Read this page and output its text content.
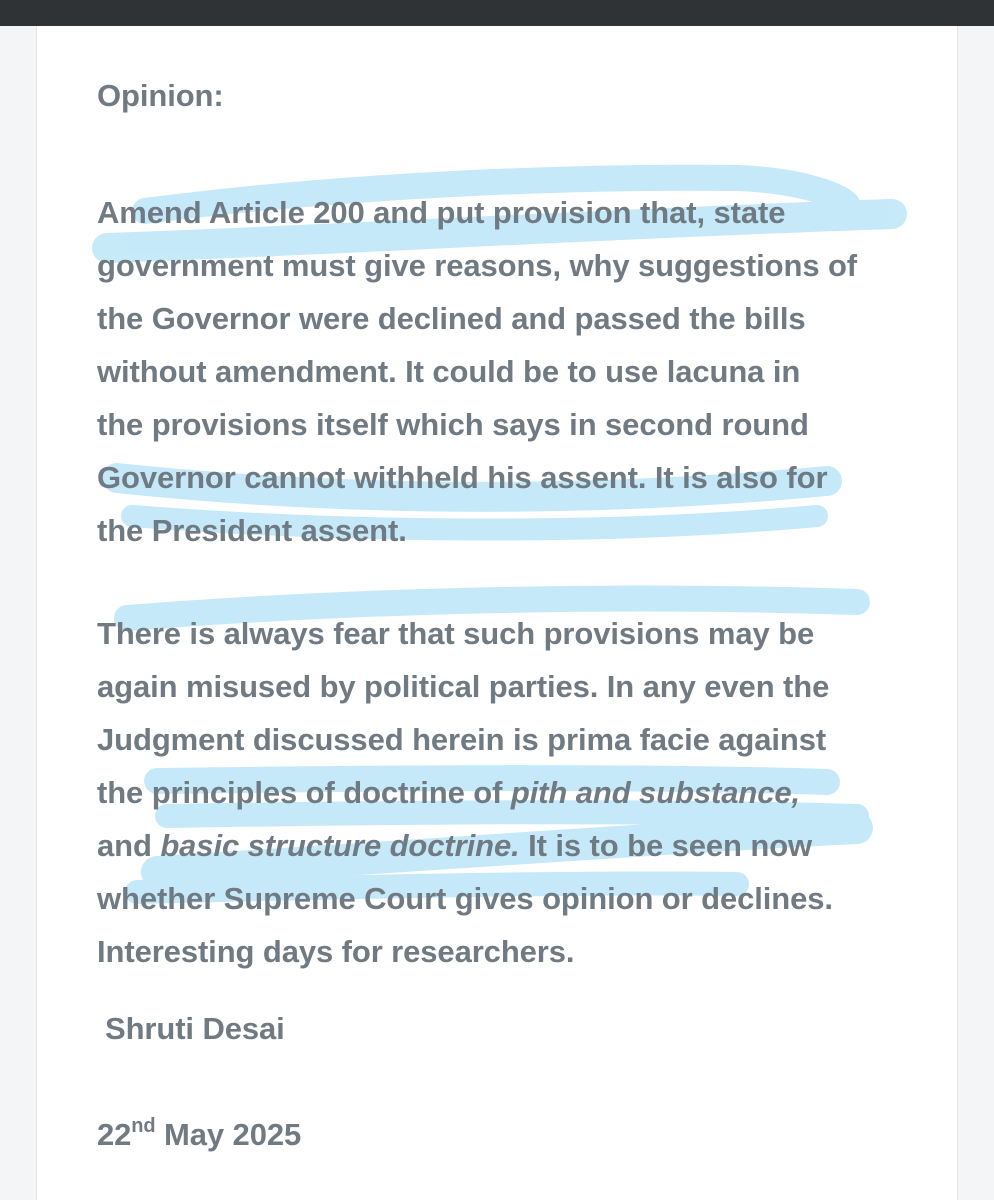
Opinion:

Amend Article 200 and put provision that, state

government must give reasons, why suggestions of

the Governor were declined and passed the bills

without amendment. It could be to use lacuna in

the provisions itself which says in second round

Governor cannot withheld his assent. It is also for

the President assent.

There is always fear that such provisions may be

again misused by political parties. In any even the

Judgment discussed herein is prima facie against

the principles of doctrine of pith and substance,

and basic structure doctrine. It is to be seen now

whether Supreme Court gives opinion or declines.

Interesting days for researchers.

Shruti Desai

22nd May 2025
